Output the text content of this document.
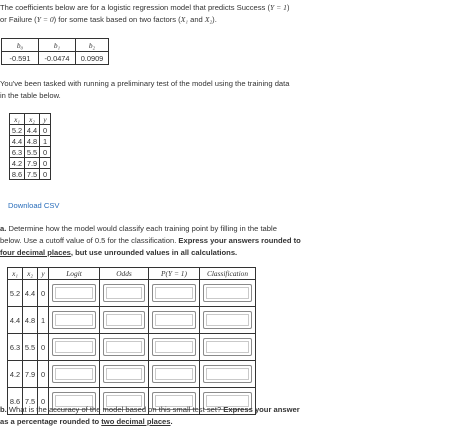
The coefficients below are for a logistic regression model that predicts Success (Y = 1)
or Failure (Y = 0) for some task based on two factors (X₁ and X₂).
b₀	b₁	b₂
-0.591	-0.0474	0.0909
You've been tasked with running a preliminary test of the model using the training data
in the table below.
x₁	x₂	y
5.2	4.4	0
4.4	4.8	1
6.3	5.5	0
4.2	7.9	0
8.6	7.5	0
Download CSV
a. Determine how the model would classify each training point by filling in the table
below. Use a cutoff value of 0.5 for the classification. Express your answers rounded to
four decimal places, but use unrounded values in all calculations.
x₁	x₂	y	Logit	Odds	P(Y = 1)	Classification
5.2	4.4	0	

4.4	4.8	1	

6.3	5.5	0	

4.2	7.9	0	

8.6	7.5	0	

b. What is the accuracy of the model based on this small test set? Express your answer
as a percentage rounded to two decimal places.
